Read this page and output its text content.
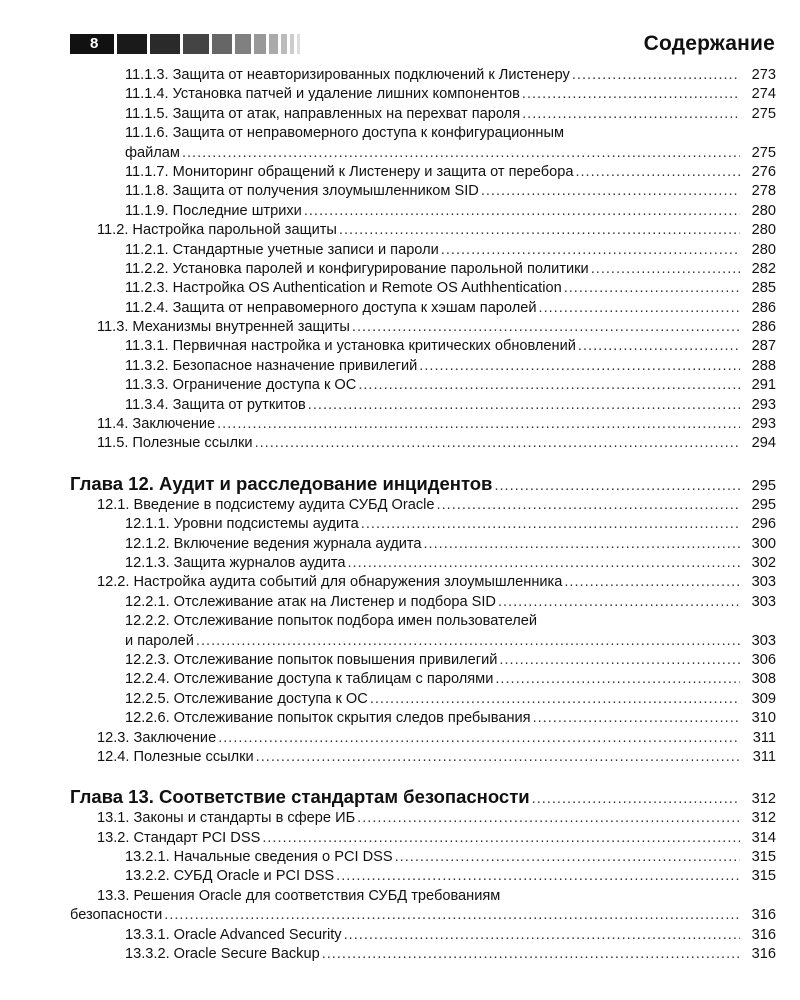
8	Содержание
11.1.3. Защита от неавторизированных подключений к Листенеру .....	273
11.1.4. Установка патчей и удаление лишних компонентов .....	274
11.1.5. Защита от атак, направленных на перехват пароля .....	275
11.1.6. Защита от неправомерного доступа к конфигурационным
файлам .....	275
11.1.7. Мониторинг обращений к Листенеру и защита от перебора .....	276
11.1.8. Защита от получения злоумышленником SID .....	278
11.1.9. Последние штрихи .....	280
11.2. Настройка парольной защиты .....	280
11.2.1. Стандартные учетные записи и пароли .....	280
11.2.2. Установка паролей и конфигурирование парольной политики .....	282
11.2.3. Настройка OS Authentication и Remote OS Authhentication .....	285
11.2.4. Защита от неправомерного доступа к хэшам паролей .....	286
11.3. Механизмы внутренней защиты .....	286
11.3.1. Первичная настройка и установка критических обновлений .....	287
11.3.2. Безопасное назначение привилегий .....	288
11.3.3. Ограничение доступа к ОС .....	291
11.3.4. Защита от руткитов .....	293
11.4. Заключение .....	293
11.5. Полезные ссылки .....	294
Глава 12. Аудит и расследование инцидентов .....	295
12.1. Введение в подсистему аудита СУБД Oracle .....	295
12.1.1. Уровни подсистемы аудита .....	296
12.1.2. Включение ведения журнала аудита .....	300
12.1.3. Защита журналов аудита .....	302
12.2. Настройка аудита событий для обнаружения злоумышленника .....	303
12.2.1. Отслеживание атак на Листенер и подбора SID .....	303
12.2.2. Отслеживание попыток подбора имен пользователей
и паролей .....	303
12.2.3. Отслеживание попыток повышения привилегий .....	306
12.2.4. Отслеживание доступа к таблицам с паролями .....	308
12.2.5. Отслеживание доступа к ОС .....	309
12.2.6. Отслеживание попыток скрытия следов пребывания .....	310
12.3. Заключение .....	311
12.4. Полезные ссылки .....	311
Глава 13. Соответствие стандартам безопасности .....	312
13.1. Законы и стандарты в сфере ИБ .....	312
13.2. Стандарт PCI DSS .....	314
13.2.1. Начальные сведения о PCI DSS .....	315
13.2.2. СУБД Oracle и PCI DSS .....	315
13.3. Решения Oracle для соответствия СУБД требованиям
безопасности .....	316
13.3.1. Oracle Advanced Security .....	316
13.3.2. Oracle Secure Backup .....	316
